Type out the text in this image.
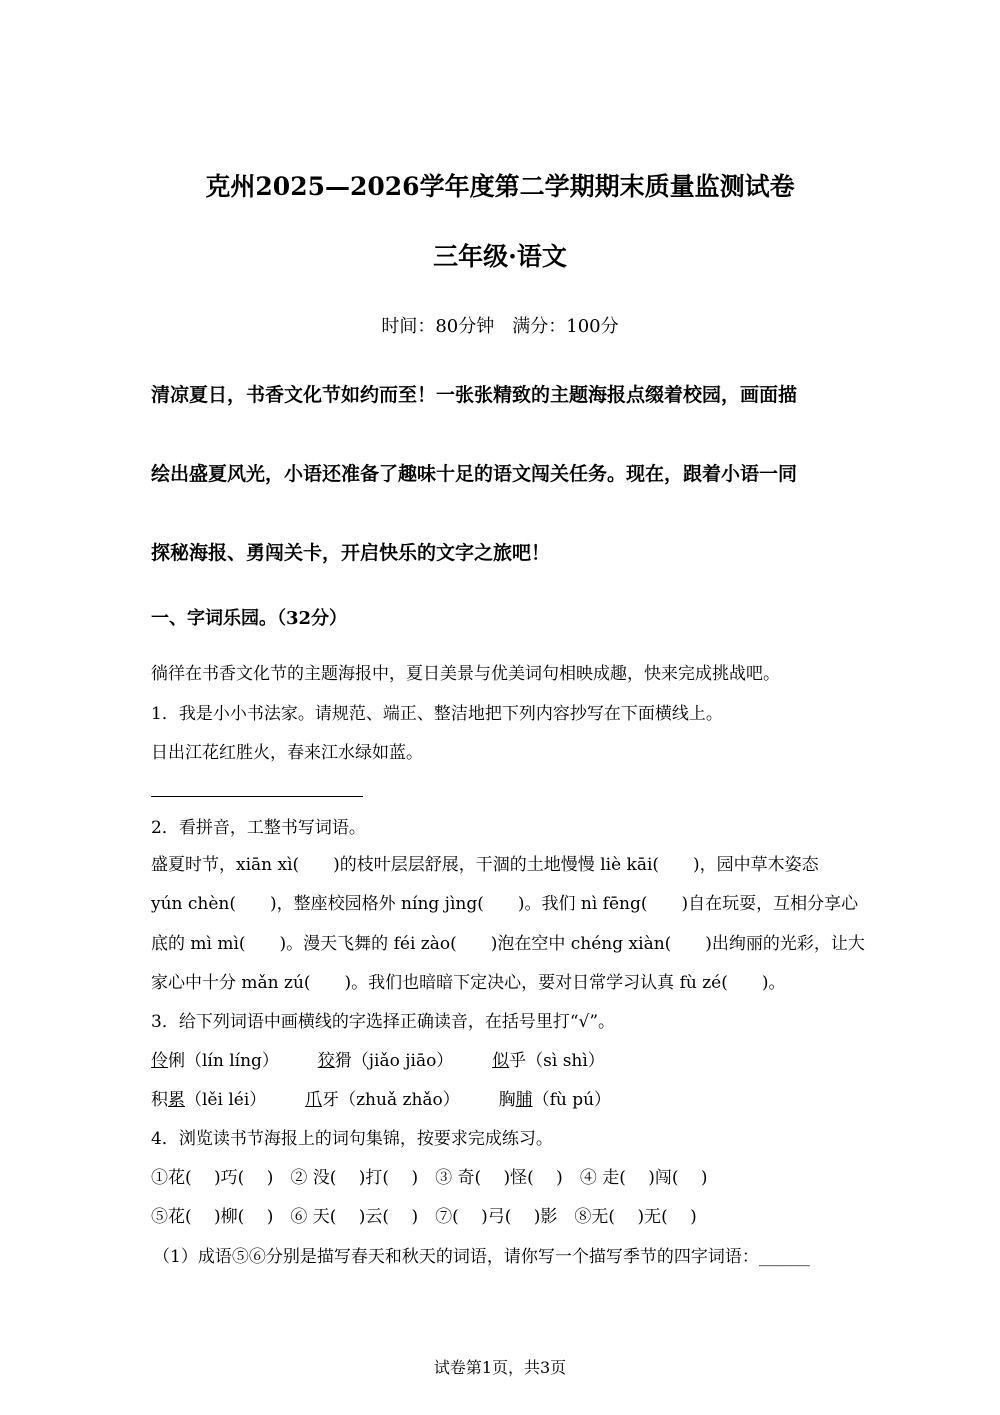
克州2025—2026学年度第二学期期末质量监测试卷
三年级·语文
时间：80分钟　满分：100分
清凉夏日，书香文化节如约而至！一张张精致的主题海报点缀着校园，画面描
绘出盛夏风光，小语还准备了趣味十足的语文闯关任务。现在，跟着小语一同
探秘海报、勇闯关卡，开启快乐的文字之旅吧！
一、字词乐园。（32分）
徜徉在书香文化节的主题海报中，夏日美景与优美词句相映成趣，快来完成挑战吧。
1．我是小小书法家。请规范、端正、整洁地把下列内容抄写在下面横线上。
日出江花红胜火，春来江水绿如蓝。
2．看拼音，工整书写词语。
盛夏时节，xiān xì(　　)的枝叶层层舒展，干涸的土地慢慢 liè kāi(　　)，园中草木姿态
yún chèn(　　)，整座校园格外 níng jìng(　　)。我们 nì fēng(　　)自在玩耍，互相分享心
底的 mì mì(　　)。漫天飞舞的 féi zào(　　)泡在空中 chéng xiàn(　　)出绚丽的光彩，让大
家心中十分 mǎn zú(　　)。我们也暗暗下定决心，要对日常学习认真 fù zé(　　)。
3．给下列词语中画横线的字选择正确读音，在括号里打“√”。
伶俐（lín líng） 狡猾（jiǎo jiāo） 似乎（sì shì）
积累（lěi léi） 爪牙（zhuǎ zhǎo） 胸脯（fù pú）
4．浏览读书节海报上的词句集锦，按要求完成练习。
①花(　 )巧(　 )　② 没(　 )打(　 )　③ 奇(　 )怪(　 )　④ 走(　 )闯(　 )
⑤花(　 )柳(　 )　⑥ 天(　 )云(　 )　⑦(　 )弓(　 )影　⑧无(　 )无(　 )
（1）成语⑤⑥分别是描写春天和秋天的词语，请你写一个描写季节的四字词语：______
试卷第1页，共3页
